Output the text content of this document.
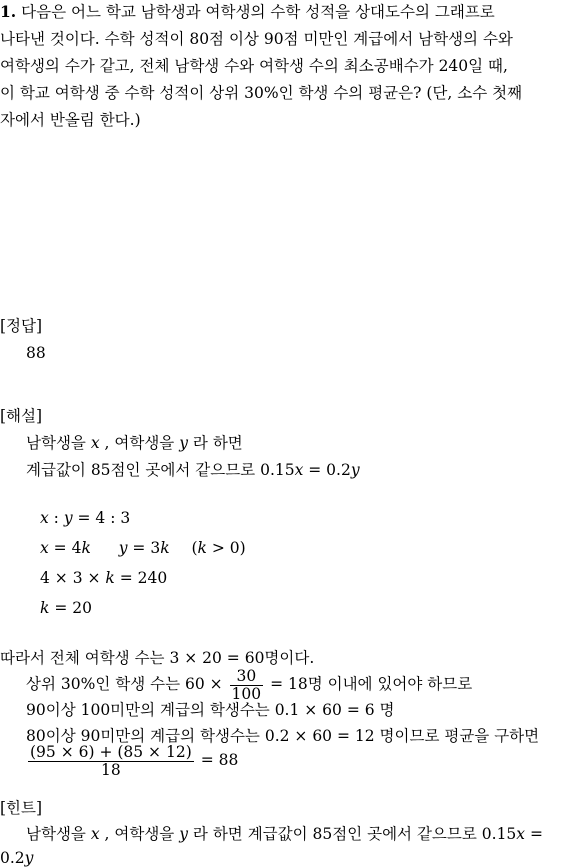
1. 다음은 어느 학교 남학생과 여학생의 수학 성적을 상대도수의 그래프로
나타낸 것이다. 수학 성적이 80점 이상 90점 미만인 계급에서 남학생의 수와
여학생의 수가 같고, 전체 남학생 수와 여학생 수의 최소공배수가 240일 때,
이 학교 여학생 중 수학 성적이 상위 30%인 학생 수의 평균은? (단, 소수 첫째
자에서 반올림 한다.)
[정답]
88
[해설]
남학생을 x , 여학생을 y 라 하면
계급값이 85점인 곳에서 같으므로 0.15x = 0.2y
x : y = 4 : 3
x = 4k y = 3k (k > 0)
4 × 3 × k = 240
k = 20
따라서 전체 여학생 수는 3 × 20 = 60명이다.
상위 30%인 학생 수는 $60 \times \frac{30}{100} = 18$명 이내에 있어야 하므로
90이상 100미만의 계급의 학생수는 0.1 × 60 = 6 명
80이상 90미만의 계급의 학생수는 0.2 × 60 = 12 명이므로 평균을 구하면
$\frac{(95 \times 6) + (85 \times 12)}{18} = 88$
[힌트]
남학생을 x , 여학생을 y 라 하면 계급값이 85점인 곳에서 같으므로 0.15x =
0.2y
